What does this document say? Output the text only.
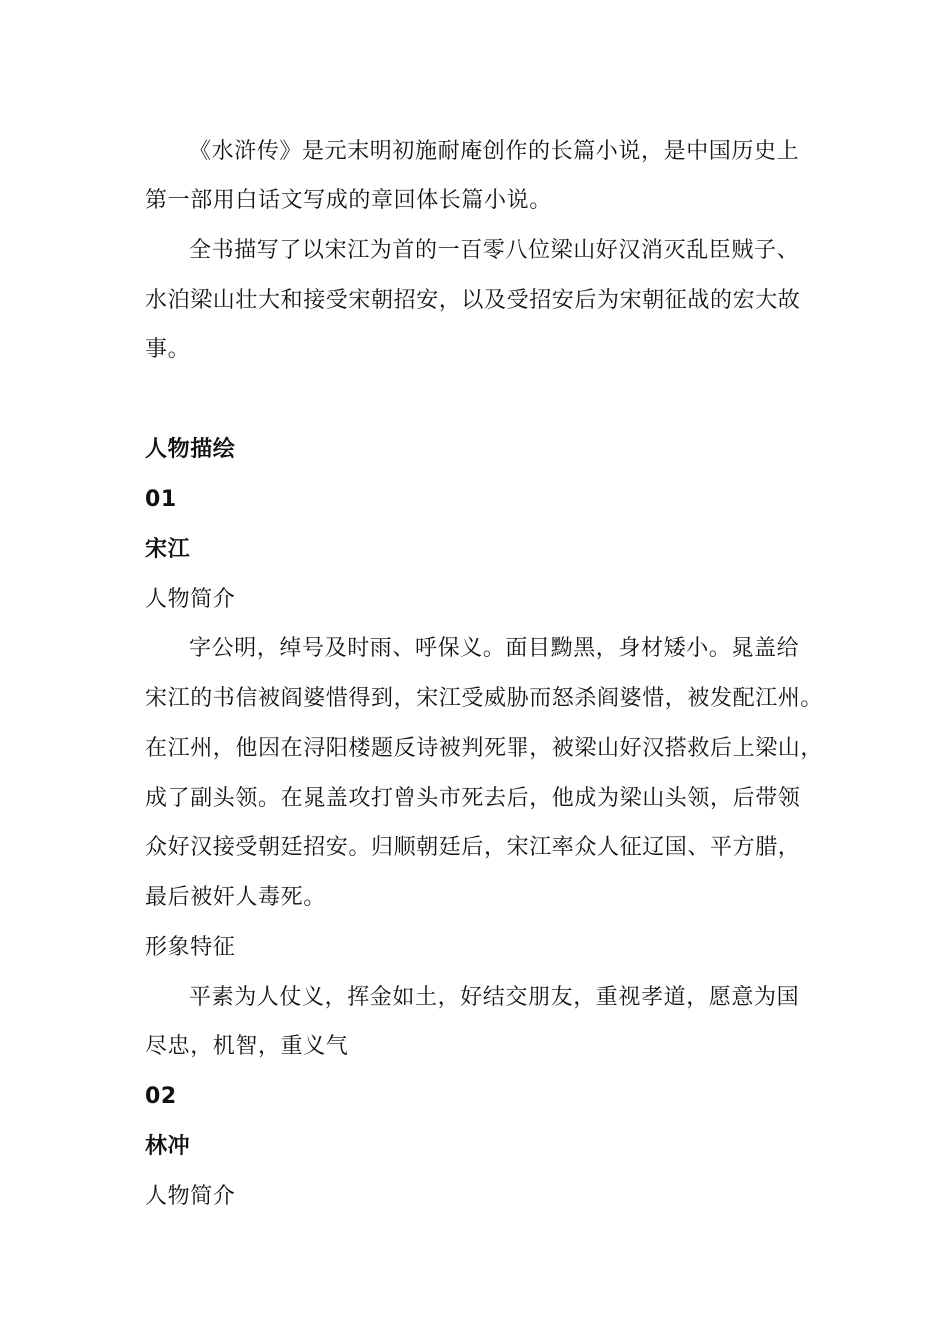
《水浒传》是元末明初施耐庵创作的长篇小说，是中国历史上
第一部用白话文写成的章回体长篇小说。
全书描写了以宋江为首的一百零八位梁山好汉消灭乱臣贼子、
水泊梁山壮大和接受宋朝招安，以及受招安后为宋朝征战的宏大故
事。
人物描绘
01
宋江
人物简介
字公明，绰号及时雨、呼保义。面目黝黑，身材矮小。晁盖给
宋江的书信被阎婆惜得到，宋江受威胁而怒杀阎婆惜，被发配江州。
在江州，他因在浔阳楼题反诗被判死罪，被梁山好汉搭救后上梁山，
成了副头领。在晁盖攻打曾头市死去后，他成为梁山头领，后带领
众好汉接受朝廷招安。归顺朝廷后，宋江率众人征辽国、平方腊，
最后被奸人毒死。
形象特征
平素为人仗义，挥金如土，好结交朋友，重视孝道，愿意为国
尽忠，机智，重义气
02
林冲
人物简介
